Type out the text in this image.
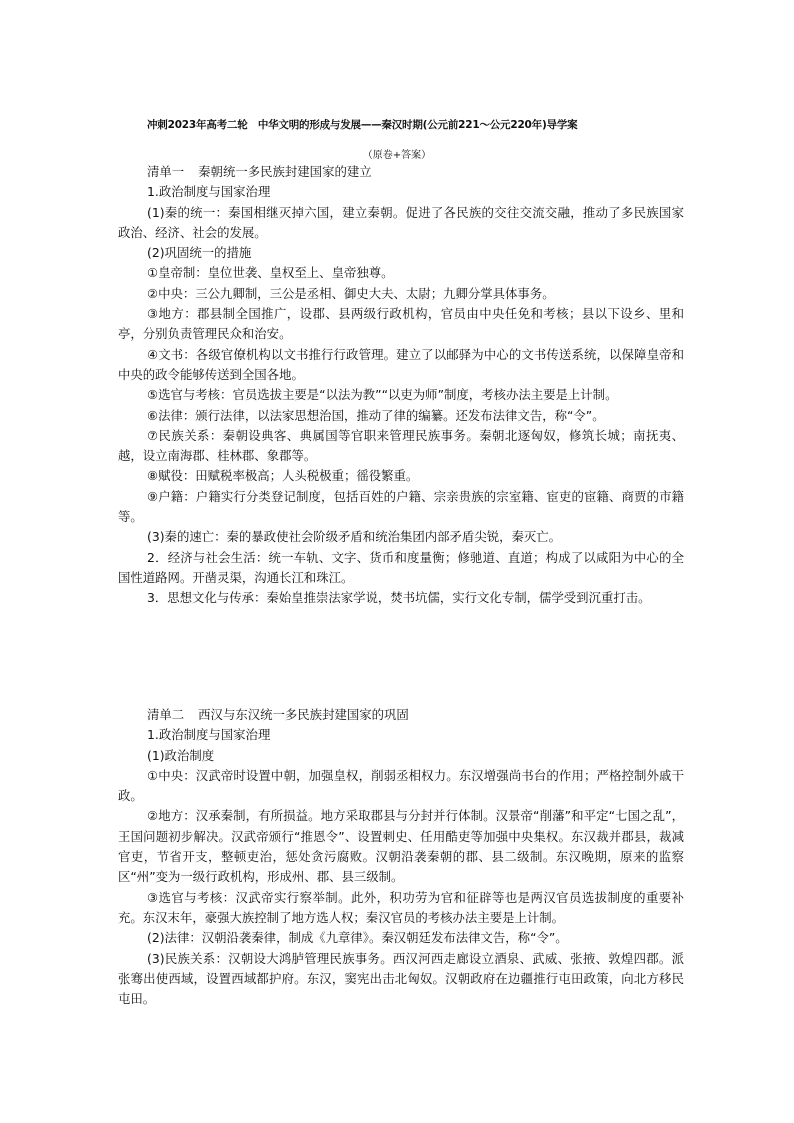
冲刺2023年高考二轮　中华文明的形成与发展——秦汉时期(公元前221～公元220年)导学案
（原卷+答案）

清单一 秦朝统一多民族封建国家的建立

1.政治制度与国家治理

(1)秦的统一：秦国相继灭掉六国，建立秦朝。促进了各民族的交往交流交融，推动了多民族国家政治、经济、社会的发展。

(2)巩固统一的措施

①皇帝制：皇位世袭、皇权至上、皇帝独尊。

②中央：三公九卿制，三公是丞相、御史大夫、太尉；九卿分掌具体事务。

③地方：郡县制全国推广，设郡、县两级行政机构，官员由中央任免和考核；县以下设乡、里和亭，分别负责管理民众和治安。

④文书：各级官僚机构以文书推行行政管理。建立了以邮驿为中心的文书传送系统，以保障皇帝和中央的政令能够传送到全国各地。

⑤选官与考核：官员选拔主要是“以法为教”“以吏为师”制度，考核办法主要是上计制。

⑥法律：颁行法律，以法家思想治国，推动了律的编纂。还发布法律文告，称“令”。

⑦民族关系：秦朝设典客、典属国等官职来管理民族事务。秦朝北逐匈奴，修筑长城；南抚夷、越，设立南海郡、桂林郡、象郡等。

⑧赋役：田赋税率极高；人头税极重；徭役繁重。

⑨户籍：户籍实行分类登记制度，包括百姓的户籍、宗亲贵族的宗室籍、宦吏的宦籍、商贾的市籍等。

(3)秦的速亡：秦的暴政使社会阶级矛盾和统治集团内部矛盾尖锐，秦灭亡。

2．经济与社会生活：统一车轨、文字、货币和度量衡；修驰道、直道；构成了以咸阳为中心的全国性道路网。开凿灵渠，沟通长江和珠江。

3．思想文化与传承：秦始皇推崇法家学说，焚书坑儒，实行文化专制，儒学受到沉重打击。

清单二 西汉与东汉统一多民族封建国家的巩固

1.政治制度与国家治理

(1)政治制度

①中央：汉武帝时设置中朝，加强皇权，削弱丞相权力。东汉增强尚书台的作用；严格控制外戚干政。

②地方：汉承秦制，有所损益。地方采取郡县与分封并行体制。汉景帝“削藩”和平定“七国之乱”，王国问题初步解决。汉武帝颁行“推恩令”、设置刺史、任用酷吏等加强中央集权。东汉裁并郡县，裁减官吏，节省开支，整顿吏治，惩处贪污腐败。汉朝沿袭秦朝的郡、县二级制。东汉晚期，原来的监察区“州”变为一级行政机构，形成州、郡、县三级制。

③选官与考核：汉武帝实行察举制。此外，积功劳为官和征辟等也是两汉官员选拔制度的重要补充。东汉末年，豪强大族控制了地方选人权；秦汉官员的考核办法主要是上计制。

(2)法律：汉朝沿袭秦律，制成《九章律》。秦汉朝廷发布法律文告，称“令”。

(3)民族关系：汉朝设大鸿胪管理民族事务。西汉河西走廊设立酒泉、武威、张掖、敦煌四郡。派张骞出使西域，设置西域都护府。东汉，窦宪出击北匈奴。汉朝政府在边疆推行屯田政策，向北方移民屯田。
